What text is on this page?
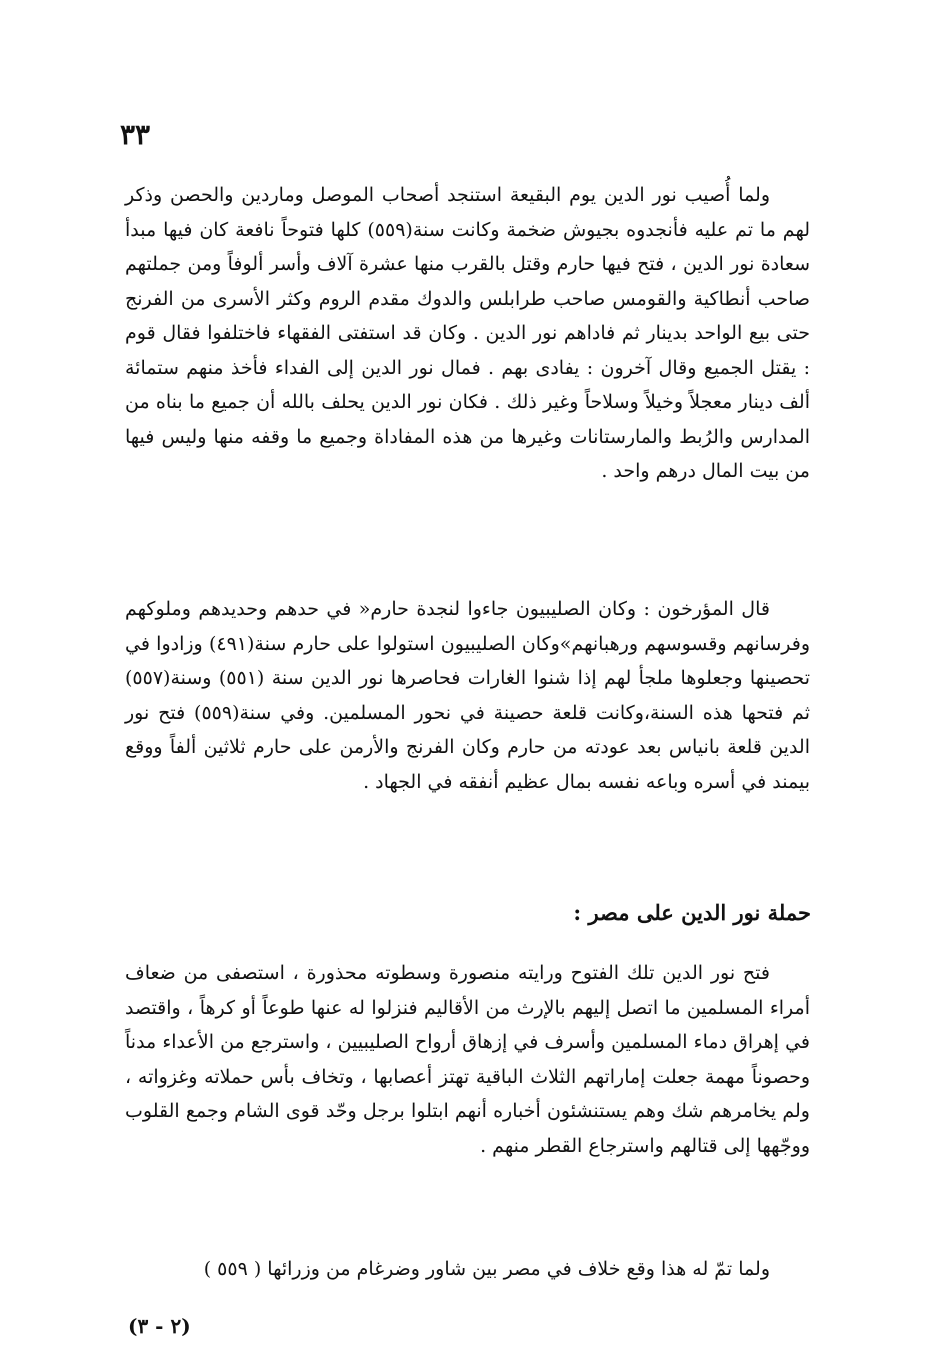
٣٣

ولما أُصيب نور الدين يوم البقيعة استنجد أصحاب الموصل وماردين والحصن وذكر لهم ما تم عليه فأنجدوه بجيوش ضخمة وكانت سنة(٥٥٩) كلها فتوحاً نافعة كان فيها مبدأ سعادة نور الدين ، فتح فيها حارم وقتل بالقرب منها عشرة آلاف وأسر ألوفاً ومن جملتهم صاحب أنطاكية والقومس صاحب طرابلس والدوك مقدم الروم وكثر الأسرى من الفرنج حتى بيع الواحد بدينار ثم فاداهم نور الدين . وكان قد استفتى الفقهاء فاختلفوا فقال قوم : يقتل الجميع وقال آخرون : يفادى بهم . فمال نور الدين إلى الفداء فأخذ منهم ستمائة ألف دينار معجلاً وخيلاً وسلاحاً وغير ذلك . فكان نور الدين يحلف بالله أن جميع ما بناه من المدارس والرُبط والمارستانات وغيرها من هذه المفاداة وجميع ما وقفه منها وليس فيها من بيت المال درهم واحد .

قال المؤرخون : وكان الصليبيون جاءوا لنجدة حارم« في حدهم وحديدهم وملوكهم وفرسانهم وقسوسهم ورهبانهم»وكان الصليبيون استولوا على حارم سنة(٤٩١) وزادوا في تحصينها وجعلوها ملجأ لهم إذا شنوا الغارات فحاصرها نور الدين سنة (٥٥١) وسنة(٥٥٧) ثم فتحها هذه السنة،وكانت قلعة حصينة في نحور المسلمين. وفي سنة(٥٥٩) فتح نور الدين قلعة بانياس بعد عودته من حارم وكان الفرنج والأرمن على حارم ثلاثين ألفاً ووقع بيمند في أسره وباعه نفسه بمال عظيم أنفقه في الجهاد .

حملة نور الدين على مصر :

فتح نور الدين تلك الفتوح ورايته منصورة وسطوته محذورة ، استصفى من ضعاف أمراء المسلمين ما اتصل إليهم بالإرث من الأقاليم فنزلوا له عنها طوعاً أو كرهاً ، واقتصد في إهراق دماء المسلمين وأسرف في إزهاق أرواح الصليبيين ، واسترجع من الأعداء مدناً وحصوناً مهمة جعلت إماراتهم الثلاث الباقية تهتز أعصابها ، وتخاف بأس حملاته وغزواته ، ولم يخامرهم شك وهم يستنشئون أخباره أنهم ابتلوا برجل وحّد قوى الشام وجمع القلوب ووجّهها إلى قتالهم واسترجاع القطر منهم .

ولما تمّ له هذا وقع خلاف في مصر بين شاور وضرغام من وزرائها ( ٥٥٩ )

(٢ - ٣)
